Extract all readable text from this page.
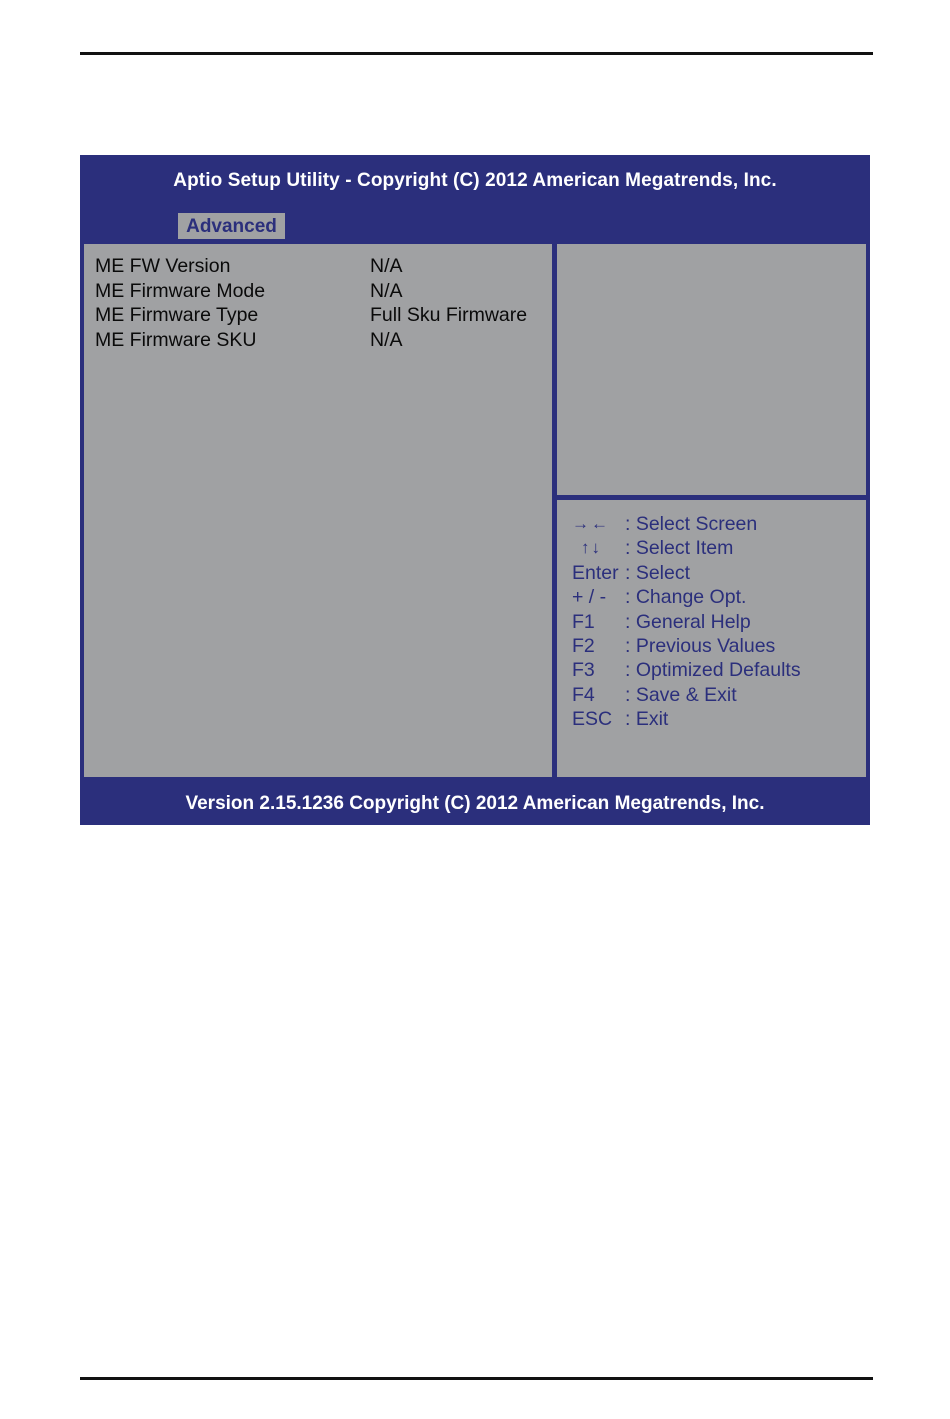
Aptio Setup Utility - Copyright (C) 2012 American Megatrends, Inc.
Advanced
ME FW Version	N/A
ME Firmware Mode	N/A
ME Firmware Type	Full Sku Firmware
ME Firmware SKU	N/A
→← : Select Screen
↑↓ : Select Item
Enter : Select
+ / - : Change Opt.
F1 : General Help
F2 : Previous Values
F3 : Optimized Defaults
F4 : Save & Exit
ESC : Exit
Version 2.15.1236 Copyright (C) 2012 American Megatrends, Inc.
